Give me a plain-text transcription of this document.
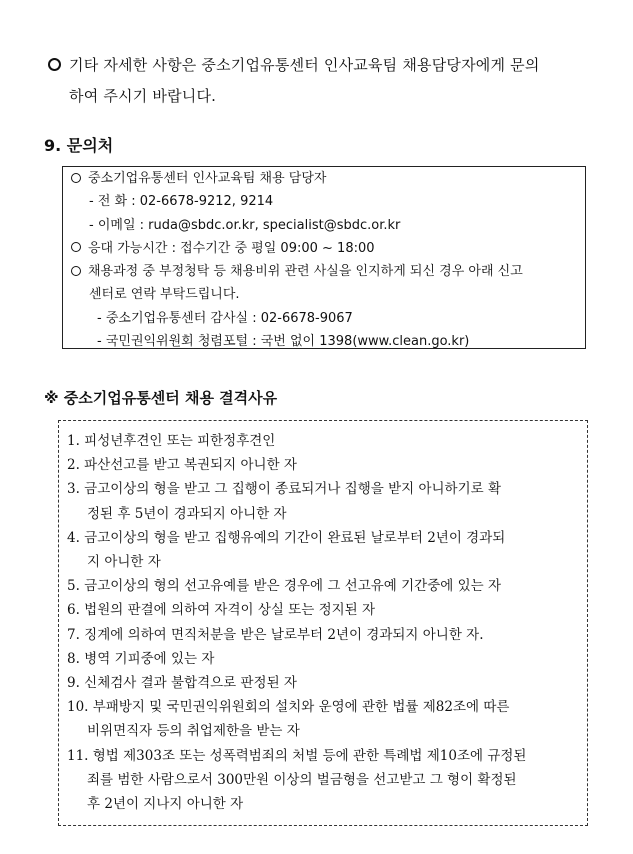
기타 자세한 사항은 중소기업유통센터 인사교육팀 채용담당자에게 문의
하여 주시기 바랍니다.
9. 문의처
중소기업유통센터 인사교육팀 채용 담당자
- 전 화 : 02-6678-9212, 9214
- 이메일 : ruda@sbdc.or.kr, specialist@sbdc.or.kr
응대 가능시간 : 접수기간 중 평일 09:00 ~ 18:00
채용과정 중 부정청탁 등 채용비위 관련 사실을 인지하게 되신 경우 아래 신고
센터로 연락 부탁드립니다.
- 중소기업유통센터 감사실 : 02-6678-9067
- 국민권익위원회 청렴포털 : 국번 없이 1398(www.clean.go.kr)
※ 중소기업유통센터 채용 결격사유
1. 피성년후견인 또는 피한정후견인
2. 파산선고를 받고 복권되지 아니한 자
3. 금고이상의 형을 받고 그 집행이 종료되거나 집행을 받지 아니하기로 확
정된 후 5년이 경과되지 아니한 자
4. 금고이상의 형을 받고 집행유예의 기간이 완료된 날로부터 2년이 경과되
지 아니한 자
5. 금고이상의 형의 선고유예를 받은 경우에 그 선고유예 기간중에 있는 자
6. 법원의 판결에 의하여 자격이 상실 또는 정지된 자
7. 징계에 의하여 면직처분을 받은 날로부터 2년이 경과되지 아니한 자.
8. 병역 기피중에 있는 자
9. 신체검사 결과 불합격으로 판정된 자
10. 부패방지 및 국민권익위원회의 설치와 운영에 관한 법률 제82조에 따른
비위면직자 등의 취업제한을 받는 자
11. 형법 제303조 또는 성폭력범죄의 처벌 등에 관한 특례법 제10조에 규정된
죄를 범한 사람으로서 300만원 이상의 벌금형을 선고받고 그 형이 확정된
후 2년이 지나지 아니한 자
